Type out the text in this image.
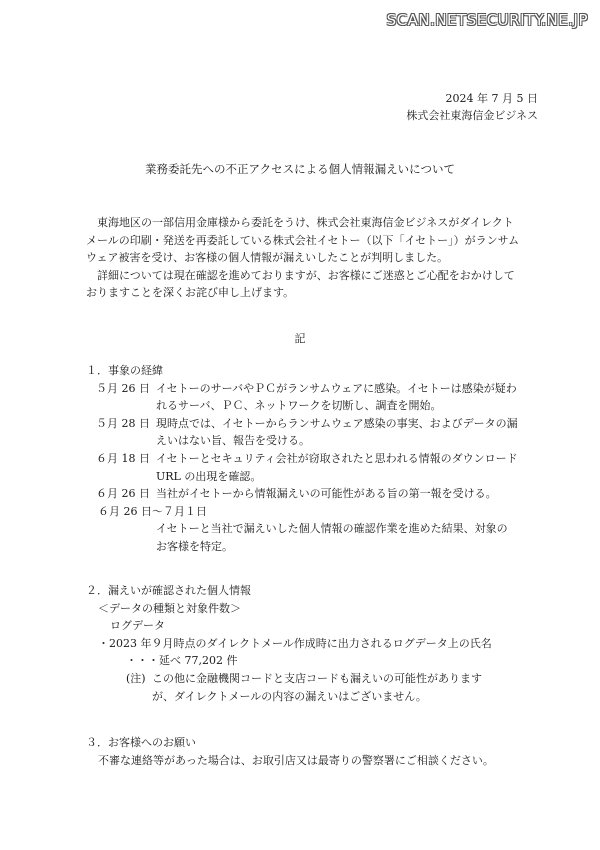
SCAN.NETSECURITY.NE.JP
2024 年 7 月 5 日
株式会社東海信金ビジネス
業務委託先への不正アクセスによる個人情報漏えいについて

東海地区の一部信用金庫様から委託をうけ、株式会社東海信金ビジネスがダイレクトメールの印刷・発送を再委託している株式会社イセトー（以下「イセトー」）がランサムウェア被害を受け、お客様の個人情報が漏えいしたことが判明しました。

詳細については現在確認を進めておりますが、お客様にご迷惑とご心配をおかけしておりますことを深くお詫び申し上げます。

記
１．事象の経緯
５月 26 日 イセトーのサーバやＰＣがランサムウェアに感染。イセトーは感染が疑われるサーバ、ＰＣ、ネットワークを切断し、調査を開始。
５月 28 日 現時点では、イセトーからランサムウェア感染の事実、およびデータの漏えいはない旨、報告を受ける。
６月 18 日 イセトーとセキュリティ会社が窃取されたと思われる情報のダウンロード URL の出現を確認。
６月 26 日 当社がイセトーから情報漏えいの可能性がある旨の第一報を受ける。
６月 26 日～７月１日
イセトーと当社で漏えいした個人情報の確認作業を進めた結果、対象のお客様を特定。
２．漏えいが確認された個人情報
＜データの種類と対象件数＞
ログデータ
・2023 年９月時点のダイレクトメール作成時に出力されるログデータ上の氏名
・・・延べ 77,202 件
(注) この他に金融機関コードと支店コードも漏えいの可能性がありますが、ダイレクトメールの内容の漏えいはございません。
３．お客様へのお願い
不審な連絡等があった場合は、お取引店又は最寄りの警察署にご相談ください。
